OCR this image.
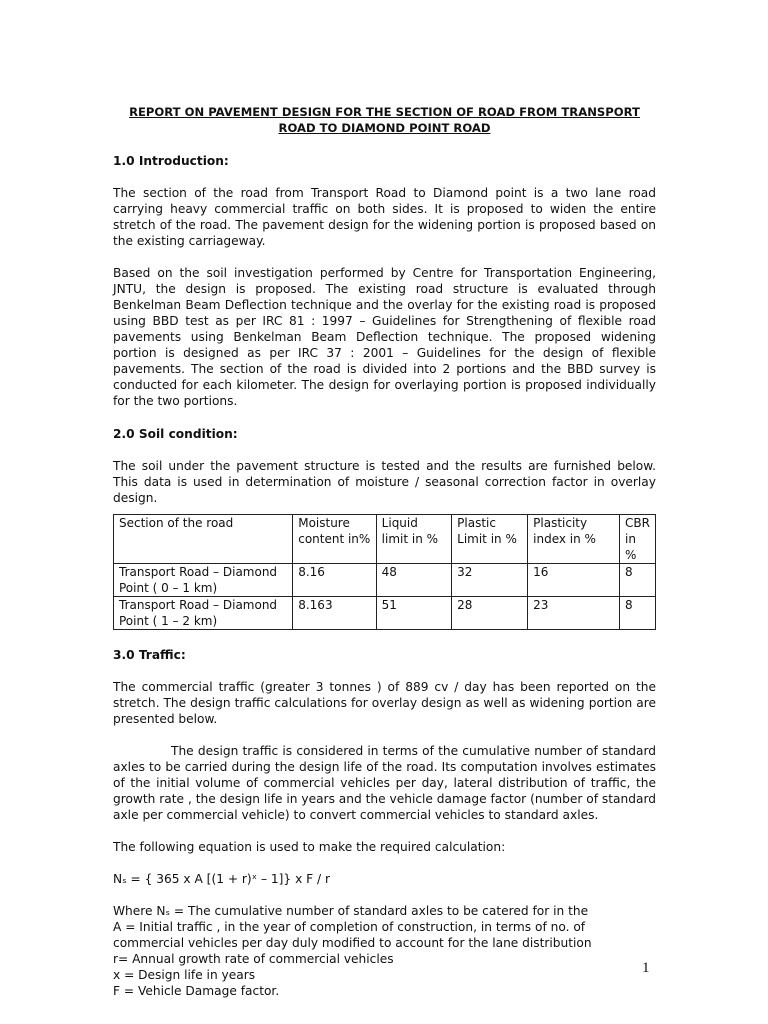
REPORT ON PAVEMENT DESIGN FOR THE SECTION OF ROAD FROM TRANSPORT ROAD TO DIAMOND POINT ROAD

1.0 Introduction:

The section of the road from Transport Road to Diamond point is a two lane road carrying heavy commercial traffic on both sides. It is proposed to widen the entire stretch of the road. The pavement design for the widening portion is proposed based on the existing carriageway.

Based on the soil investigation performed by Centre for Transportation Engineering, JNTU, the design is proposed. The existing road structure is evaluated through Benkelman Beam Deflection technique and the overlay for the existing road is proposed using BBD test as per IRC 81 : 1997 – Guidelines for Strengthening of flexible road pavements using Benkelman Beam Deflection technique. The proposed widening portion is designed as per IRC 37 : 2001 – Guidelines for the design of flexible pavements. The section of the road is divided into 2 portions and the BBD survey is conducted for each kilometer. The design for overlaying portion is proposed individually for the two portions.

2.0 Soil condition:

The soil under the pavement structure is tested and the results are furnished below. This data is used in determination of moisture / seasonal correction factor in overlay design.

Section of the road	Moisture content in%	Liquid limit in %	Plastic Limit in %	Plasticity index in %	CBR in %
Transport Road – Diamond Point ( 0 – 1 km)	8.16	48	32	16	8
Transport Road – Diamond Point ( 1 – 2 km)	8.163	51	28	23	8
3.0 Traffic:

The commercial traffic (greater 3 tonnes ) of 889 cv / day has been reported on the stretch. The design traffic calculations for overlay design as well as widening portion are presented below.

The design traffic is considered in terms of the cumulative number of standard axles to be carried during the design life of the road. Its computation involves estimates of the initial volume of commercial vehicles per day, lateral distribution of traffic, the growth rate , the design life in years and the vehicle damage factor (number of standard axle per commercial vehicle) to convert commercial vehicles to standard axles.

The following equation is used to make the required calculation:

Nₛ = { 365 x A [(1 + r)ˣ – 1]} x F / r

Where Nₛ = The cumulative number of standard axles to be catered for in the

A = Initial traffic , in the year of completion of construction, in terms of no. of commercial vehicles per day duly modified to account for the lane distribution

r= Annual growth rate of commercial vehicles

x = Design life in years

F = Vehicle Damage factor.

1
